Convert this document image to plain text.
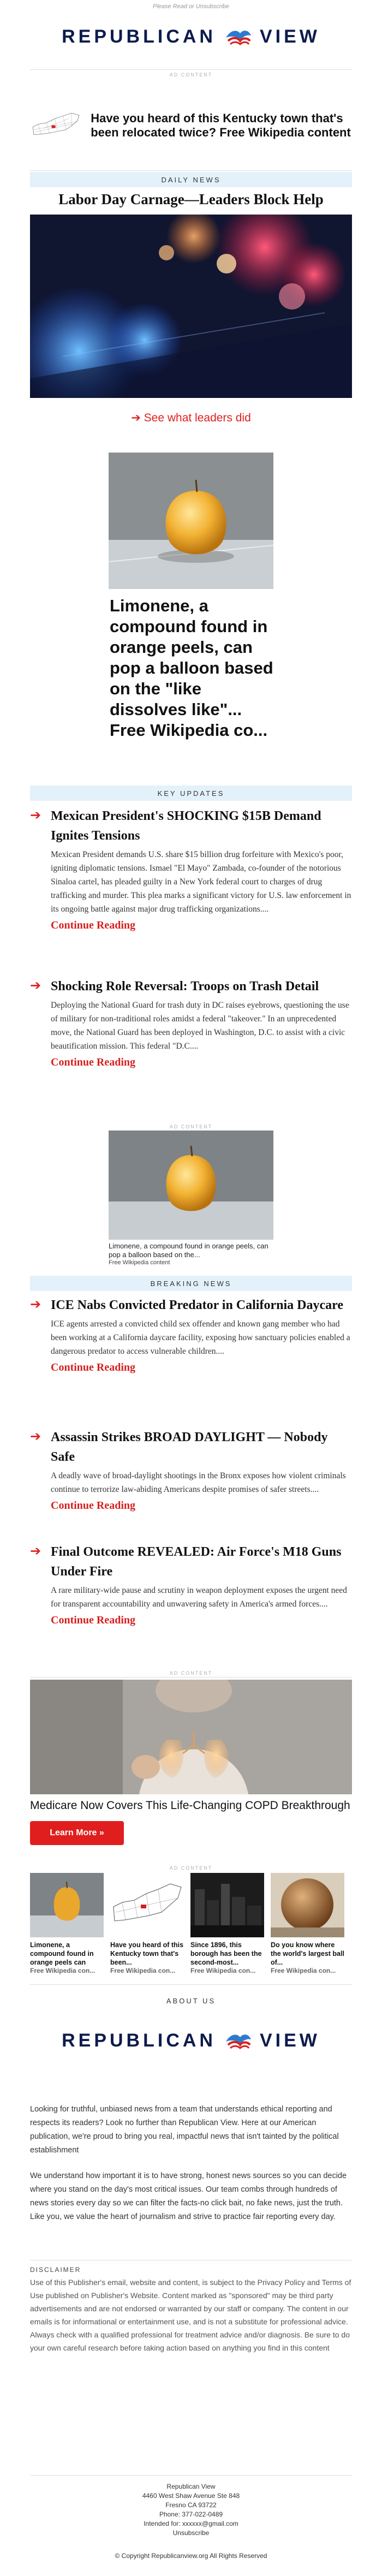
Please Read or Unsubscribe
REPUBLICAN VIEW
AD CONTENT
Have you heard of this Kentucky town that's been relocated twice? Free Wikipedia content
DAILY NEWS
Labor Day Carnage—Leaders Block Help
➔ See what leaders did
Limonene, a compound found in orange peels, can pop a balloon based on the "like dissolves like"... Free Wikipedia co...
KEY UPDATES
➔ Mexican President's SHOCKING $15B Demand Ignites Tensions
Mexican President demands U.S. share $15 billion drug forfeiture with Mexico's poor, igniting diplomatic tensions. Ismael "El Mayo" Zambada, co-founder of the notorious Sinaloa cartel, has pleaded guilty in a New York federal court to charges of drug trafficking and murder. This plea marks a significant victory for U.S. law enforcement in its ongoing battle against major drug trafficking organizations....
Continue Reading
➔ Shocking Role Reversal: Troops on Trash Detail
Deploying the National Guard for trash duty in DC raises eyebrows, questioning the use of military for non-traditional roles amidst a federal "takeover." In an unprecedented move, the National Guard has been deployed in Washington, D.C. to assist with a civic beautification mission. This federal "D.C....
Continue Reading
AD CONTENT
Limonene, a compound found in orange peels, can pop a balloon based on the...
Free Wikipedia content
BREAKING NEWS
➔ ICE Nabs Convicted Predator in California Daycare
ICE agents arrested a convicted child sex offender and known gang member who had been working at a California daycare facility, exposing how sanctuary policies enabled a dangerous predator to access vulnerable children....
Continue Reading
➔ Assassin Strikes BROAD DAYLIGHT — Nobody Safe
A deadly wave of broad-daylight shootings in the Bronx exposes how violent criminals continue to terrorize law-abiding Americans despite promises of safer streets....
Continue Reading
➔ Final Outcome REVEALED: Air Force's M18 Guns Under Fire
A rare military-wide pause and scrutiny in weapon deployment exposes the urgent need for transparent accountability and unwavering safety in America's armed forces....
Continue Reading
AD CONTENT
Medicare Now Covers This Life-Changing COPD Breakthrough
Learn More »
AD CONTENT
Limonene, a compound found in orange peels can
Free Wikipedia con...
Have you heard of this Kentucky town that's been...
Free Wikipedia con...
Since 1896, this borough has been the second-most...
Free Wikipedia con...
Do you know where the world's largest ball of...
Free Wikipedia con...
ABOUT US
REPUBLICAN VIEW
Looking for truthful, unbiased news from a team that understands ethical reporting and respects its readers? Look no further than Republican View. Here at our American publication, we're proud to bring you real, impactful news that isn't tainted by the political establishment
We understand how important it is to have strong, honest news sources so you can decide where you stand on the day's most critical issues. Our team combs through hundreds of news stories every day so we can filter the facts-no click bait, no fake news, just the truth. Like you, we value the heart of journalism and strive to practice fair reporting every day.
DISCLAIMER
Use of this Publisher's email, website and content, is subject to the Privacy Policy and Terms of Use published on Publisher's Website. Content marked as "sponsored" may be third party advertisements and are not endorsed or warranted by our staff or company. The content in our emails is for informational or entertainment use, and is not a substitute for professional advice. Always check with a qualified professional for treatment advice and/or diagnosis. Be sure to do your own careful research before taking action based on anything you find in this content
Republican View
4460 West Shaw Avenue Ste 848
Fresno CA 93722
Phone: 377-022-0489
Intended for: xxxxxx@gmail.com
Unsubscribe
© Copyright Republicanview.org All Rights Reserved
